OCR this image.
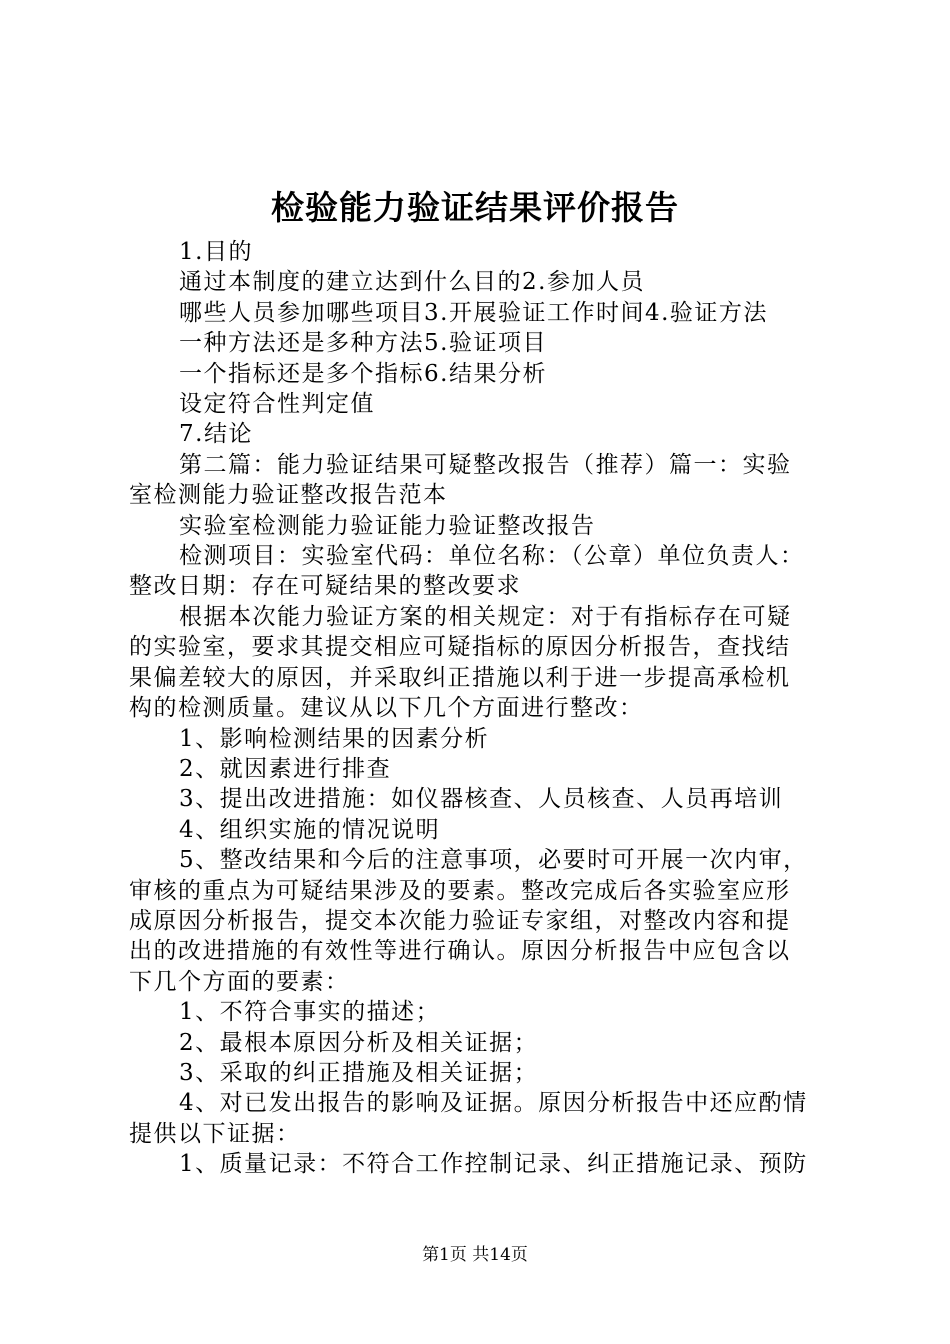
检验能力验证结果评价报告
1.目的
通过本制度的建立达到什么目的2.参加人员
哪些人员参加哪些项目3.开展验证工作时间4.验证方法
一种方法还是多种方法5.验证项目
一个指标还是多个指标6.结果分析
设定符合性判定值
7.结论
第二篇：能力验证结果可疑整改报告（推荐）篇一：实验
室检测能力验证整改报告范本
实验室检测能力验证能力验证整改报告
检测项目：实验室代码：单位名称：（公章）单位负责人：
整改日期：存在可疑结果的整改要求
根据本次能力验证方案的相关规定：对于有指标存在可疑
的实验室，要求其提交相应可疑指标的原因分析报告，查找结
果偏差较大的原因，并采取纠正措施以利于进一步提高承检机
构的检测质量。建议从以下几个方面进行整改：
1、影响检测结果的因素分析
2、就因素进行排查
3、提出改进措施：如仪器核查、人员核查、人员再培训
4、组织实施的情况说明
5、整改结果和今后的注意事项，必要时可开展一次内审，
审核的重点为可疑结果涉及的要素。整改完成后各实验室应形
成原因分析报告，提交本次能力验证专家组，对整改内容和提
出的改进措施的有效性等进行确认。原因分析报告中应包含以
下几个方面的要素：
1、不符合事实的描述；
2、最根本原因分析及相关证据；
3、采取的纠正措施及相关证据；
4、对已发出报告的影响及证据。原因分析报告中还应酌情
提供以下证据：
1、质量记录：不符合工作控制记录、纠正措施记录、预防
第1页 共14页
